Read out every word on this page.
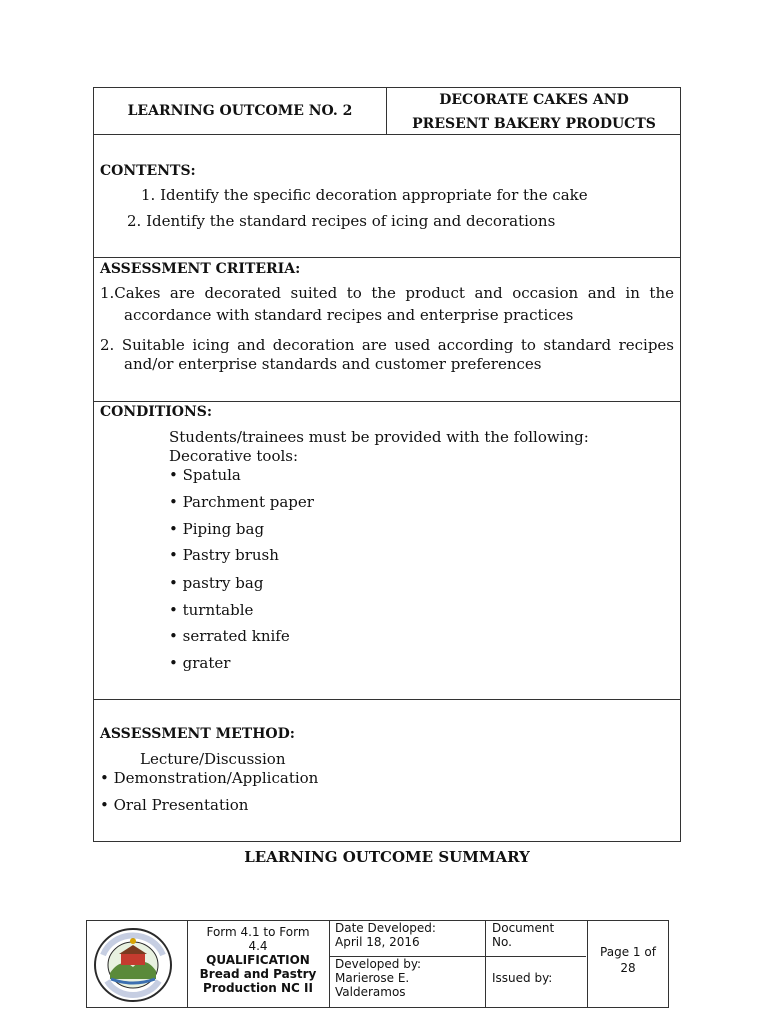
LEARNING OUTCOME NO. 2
DECORATE CAKES AND
PRESENT BAKERY PRODUCTS
CONTENTS:
1. Identify the specific decoration appropriate for the cake
2. Identify the standard recipes of icing and decorations
ASSESSMENT CRITERIA:
1.Cakes are decorated suited to the product and occasion and in the
accordance with standard recipes and enterprise practices
2. Suitable icing and decoration are used according to standard recipes
and/or enterprise standards and customer preferences
CONDITIONS:
Students/trainees must be provided with the following:
Decorative tools:
• Spatula
• Parchment paper
• Piping bag
• Pastry brush
• pastry bag
• turntable
• serrated knife
• grater
ASSESSMENT METHOD:
Lecture/Discussion
• Demonstration/Application
• Oral Presentation
LEARNING OUTCOME SUMMARY
Form 4.1 to Form
4.4
QUALIFICATION
Bread and Pastry
Production NC II
Date Developed:
April 18, 2016
Developed by:
Marierose E.
Valderamos
Document
No.
Issued by:
Page 1 of
28
